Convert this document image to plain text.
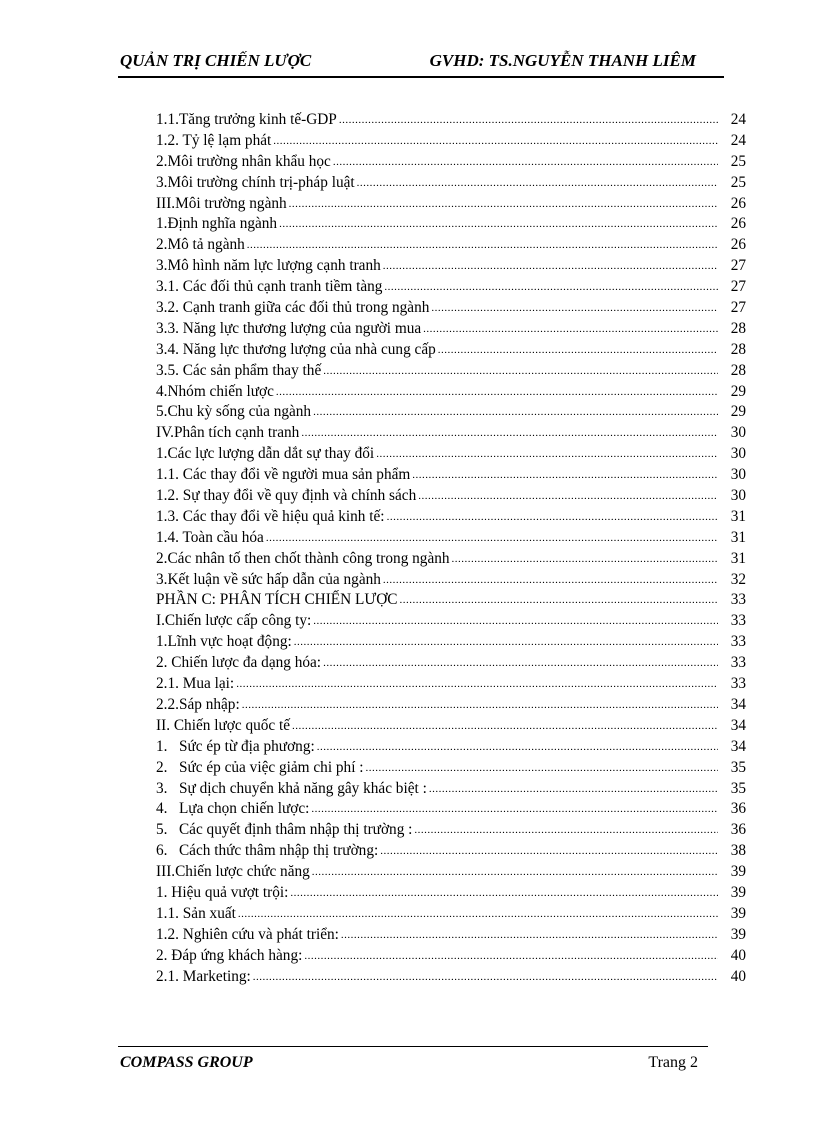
QUẢN TRỊ CHIẾN LƯỢC	GVHD: TS.NGUYỄN THANH LIÊM
1.1.Tăng trưởng kinh tế-GDP .....	24
1.2. Tỷ lệ lạm phát .....	24
2.Môi trường nhân khẩu học .....	25
3.Môi trường chính trị-pháp luật .....	25
III.Môi trường ngành .....	26
1.Định nghĩa ngành .....	26
2.Mô tả ngành .....	26
3.Mô hình năm lực lượng cạnh tranh .....	27
3.1. Các đối thủ cạnh tranh tiềm tàng .....	27
3.2. Cạnh tranh giữa các đối thủ trong ngành .....	27
3.3. Năng lực thương lượng của người mua .....	28
3.4. Năng lực thương lượng của nhà cung cấp .....	28
3.5. Các sản phẩm thay thế .....	28
4.Nhóm chiến lược .....	29
5.Chu kỳ sống của ngành .....	29
IV.Phân tích cạnh tranh .....	30
1.Các lực lượng dẫn dắt sự thay đổi .....	30
1.1. Các thay đổi về người mua sản phẩm .....	30
1.2. Sự thay đổi về quy định và chính sách .....	30
1.3. Các thay đổi về hiệu quả kinh tế: .....	31
1.4. Toàn cầu hóa .....	31
2.Các nhân tố then chốt thành công trong ngành .....	31
3.Kết luận về sức hấp dẫn của ngành .....	32
PHẦN C: PHÂN TÍCH CHIẾN LƯỢC .....	33
I.Chiến lược cấp công ty: .....	33
1.Lĩnh vực hoạt động: .....	33
2. Chiến lược đa dạng hóa: .....	33
2.1. Mua lại: .....	33
2.2.Sáp nhập: .....	34
II. Chiến lược quốc tế .....	34
1.   Sức ép từ địa phương: .....	34
2.   Sức ép của việc giảm chi phí : .....	35
3.   Sự dịch chuyển khả năng gây khác biệt : .....	35
4.   Lựa chọn chiến lược: .....	36
5.   Các quyết định thâm nhập thị trường : .....	36
6.   Cách thức thâm nhập thị trường: .....	38
III.Chiến lược chức năng .....	39
1. Hiệu quả vượt trội: .....	39
1.1. Sản xuất .....	39
1.2. Nghiên cứu và phát triển: .....	39
2. Đáp ứng khách hàng: .....	40
2.1. Marketing: .....	40
COMPASS GROUP	Trang 2
